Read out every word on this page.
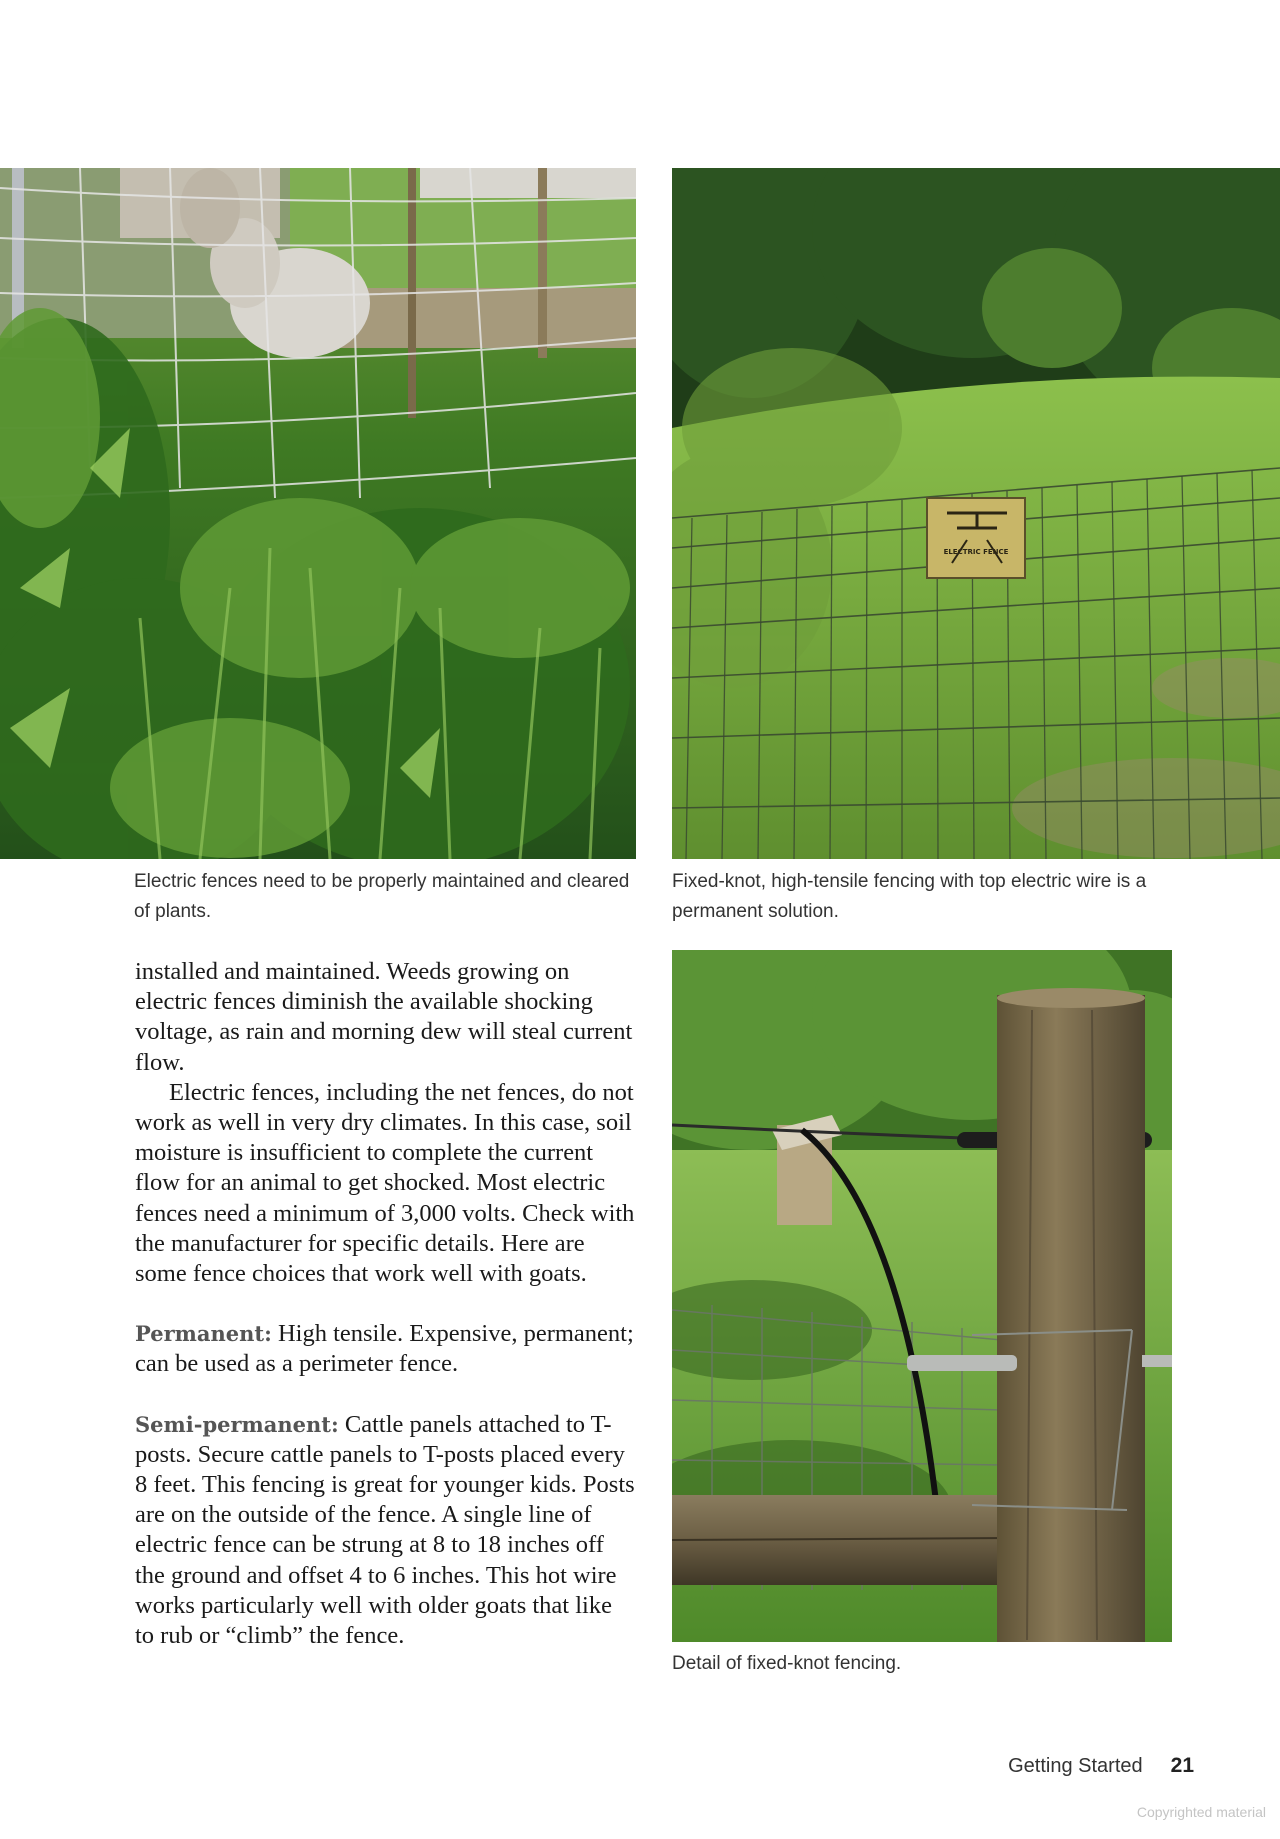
ELECTRIC FENCE

Electric fences need to be properly maintained and cleared of plants.

Fixed-knot, high-tensile fencing with top electric wire is a permanent solution.

Detail of fixed-knot fencing.

installed and maintained. Weeds growing on electric fences diminish the available shocking voltage, as rain and morning dew will steal current flow.

Electric fences, including the net fences, do not work as well in very dry climates. In this case, soil moisture is insufficient to complete the current flow for an animal to get shocked. Most electric fences need a minimum of 3,000 volts. Check with the manufacturer for specific details. Here are some fence choices that work well with goats.

Permanent: High tensile. Expensive, permanent; can be used as a perimeter fence.

Semi-permanent: Cattle panels attached to T-posts. Secure cattle panels to T-posts placed every 8 feet. This fencing is great for younger kids. Posts are on the outside of the fence. A single line of electric fence can be strung at 8 to 18 inches off the ground and offset 4 to 6 inches. This hot wire works particularly well with older goats that like to rub or “climb” the fence.

Getting Started 21
Copyrighted material
